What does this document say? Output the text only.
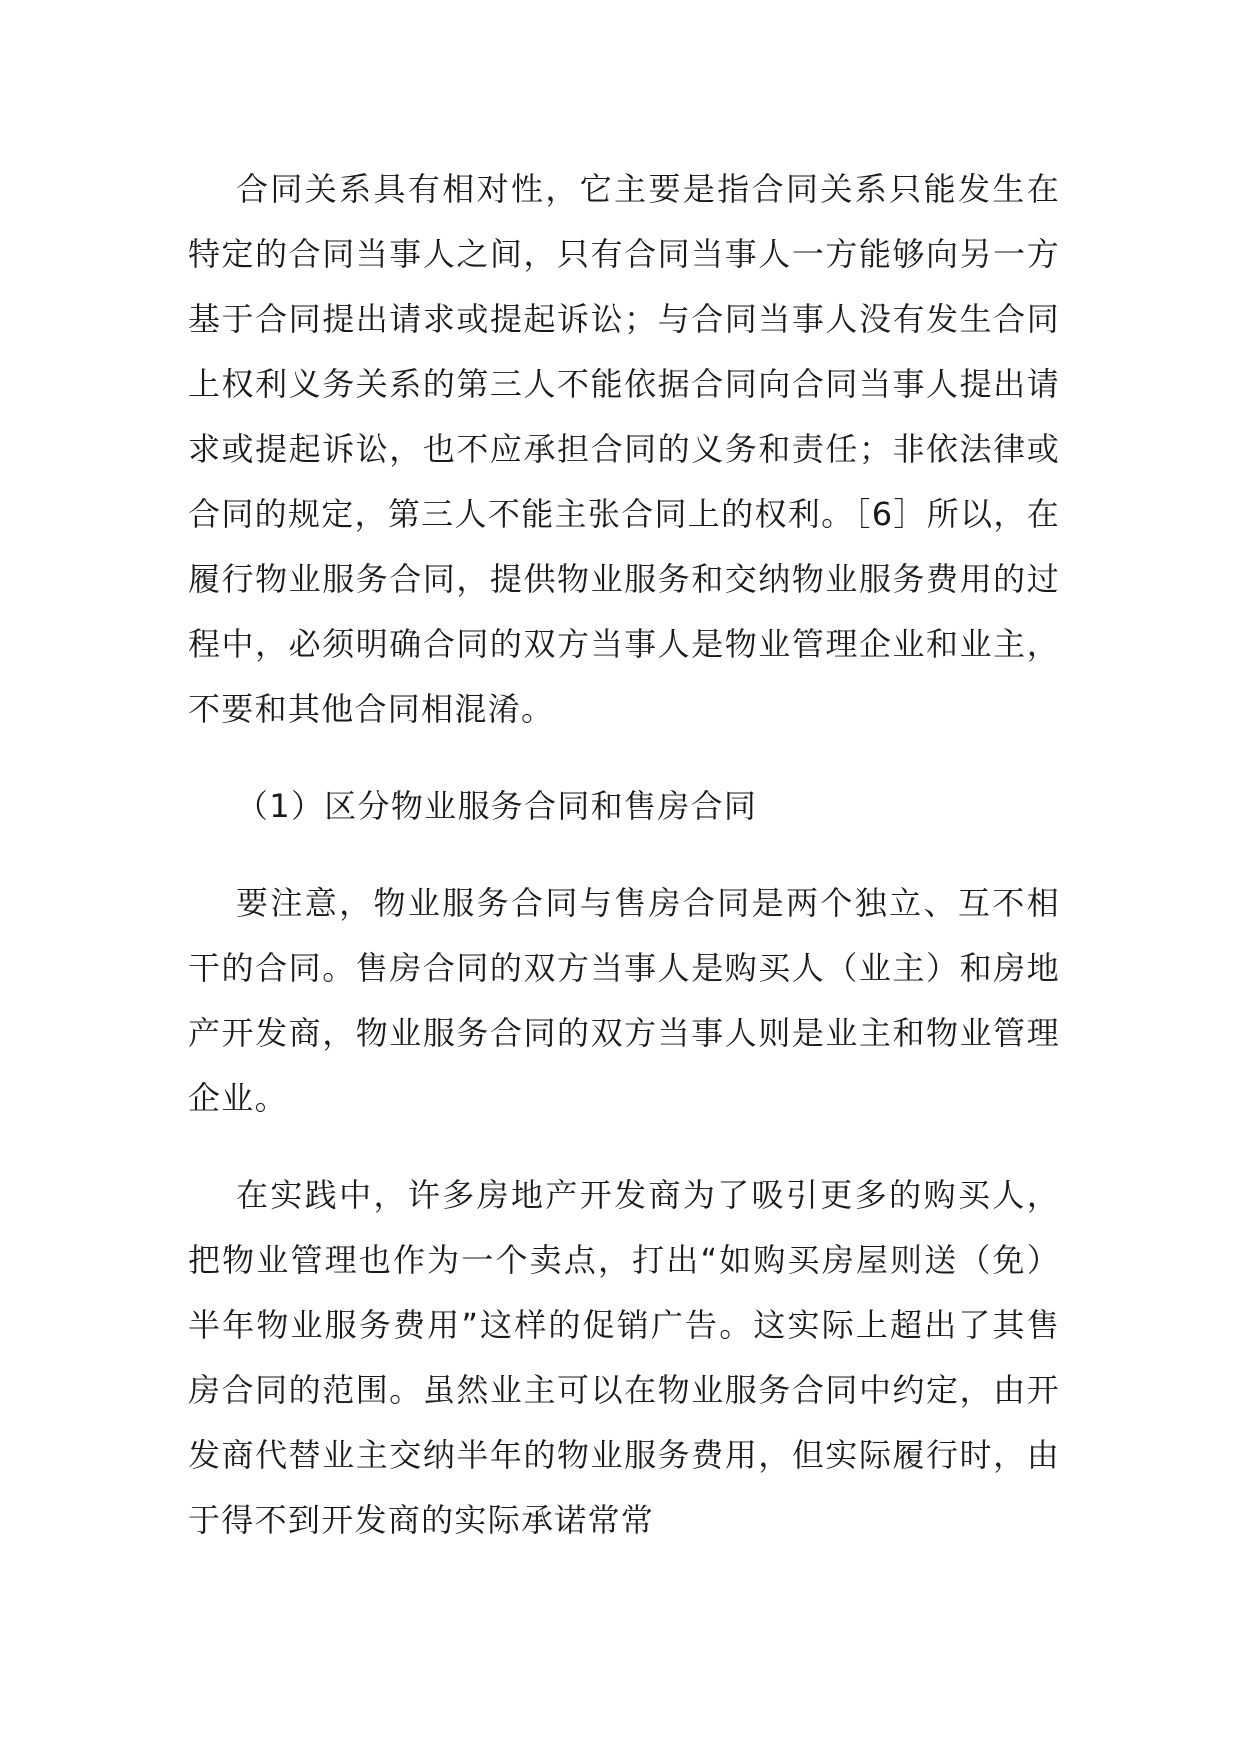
合同关系具有相对性，它主要是指合同关系只能发生在特定的合同当事人之间，只有合同当事人一方能够向另一方基于合同提出请求或提起诉讼；与合同当事人没有发生合同上权利义务关系的第三人不能依据合同向合同当事人提出请求或提起诉讼，也不应承担合同的义务和责任；非依法律或合同的规定，第三人不能主张合同上的权利。［6］所以，在履行物业服务合同，提供物业服务和交纳物业服务费用的过程中，必须明确合同的双方当事人是物业管理企业和业主，不要和其他合同相混淆。

（1）区分物业服务合同和售房合同

要注意，物业服务合同与售房合同是两个独立、互不相干的合同。售房合同的双方当事人是购买人（业主）和房地产开发商，物业服务合同的双方当事人则是业主和物业管理企业。

在实践中，许多房地产开发商为了吸引更多的购买人，把物业管理也作为一个卖点，打出“如购买房屋则送（免）半年物业服务费用”这样的促销广告。这实际上超出了其售房合同的范围。虽然业主可以在物业服务合同中约定，由开发商代替业主交纳半年的物业服务费用，但实际履行时，由于得不到开发商的实际承诺常常
